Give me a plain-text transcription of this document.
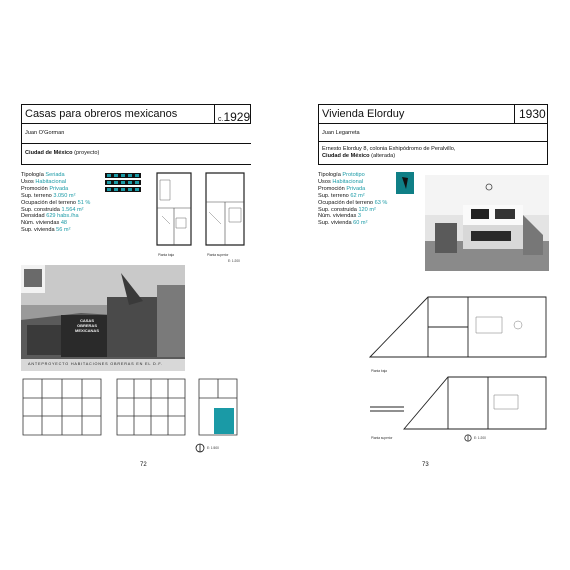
Casas para obreros mexicanos	c.1929
Juan O'Gorman
Ciudad de México (proyecto)
Tipología Seriada
Usos Habitacional
Promoción Privada
Sup. terreno 3.050 m²
Ocupación del terreno 51 %
Sup. construida 1.564 m²
Densidad 629 habs./ha
Núm. viviendas 48
Sup. vivienda 56 m²
Planta baja	Planta superior
E: 1:200
CASAS
OBRERAS
MEXICANAS
ANTEPROYECTO HABITACIONES OBRERAS EN EL D.F.
E: 1:500
72
Vivienda Elorduy	1930
Juan Legarreta
Ernesto Elorduy 8, colonia Exhipódromo de Peralvillo,
Ciudad de México (alterada)
Tipología Prototipo
Usos Habitacional
Promoción Privada
Sup. terreno 62 m²
Ocupación del terreno 63 %
Sup. construida 120 m²
Núm. viviendas 3
Sup. vivienda 60 m²
Planta baja
Planta superior	E: 1:200
73
